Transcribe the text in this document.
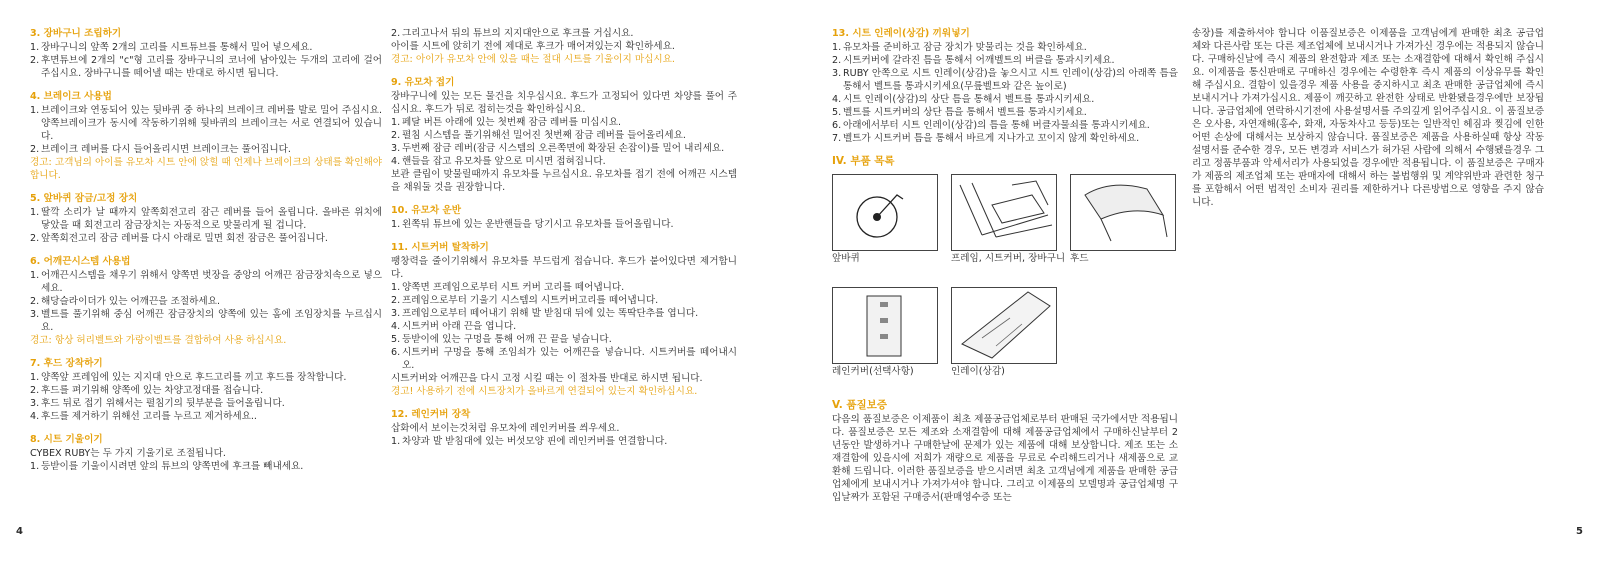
3. 장바구니 조립하기
1. 장바구니의 앞쪽 2개의 고리를 시트튜브를 통해서 밀어 넣으세요.
2. 후면튜브에 2개의 "c"형 고리를 장바구니의 코너에 남아있는 두개의 고리에 걸어주십시요. 장바구니를 떼어낼 때는 반대로 하시면 됩니다.
4. 브레이크 사용법
1. 브레이크와 연동되어 있는 뒷바퀴 중 하나의 브레이크 레버를 발로 밀어 주십시요. 양쪽브레이크가 동시에 작동하기위해 뒷바퀴의 브레이크는 서로 연결되어 있습니다.
2. 브레이크 레버를 다시 들어올리시면 브레이크는 풀어집니다.
경고: 고객님의 아이를 유모차 시트 안에 앉힐 때 언제나 브레이크의 상태를 확인해야 합니다.
5. 앞바퀴 잠금/고정 장치
1. 딸깍 소리가 날 때까지 앞쪽회전고리 잠근 레버를 들어 올립니다. 올바른 위치에 닿았을 때 회전고리 잠금장치는 자동적으로 맞물리게 될 겁니다.
2. 앞쪽회전고리 잠금 레버를 다시 아래로 밀면 회전 잠금은 풀어집니다.
6. 어깨끈시스템 사용법
1. 어깨끈시스템을 채우기 위해서 양쪽면 벗장을 중앙의 어깨끈 잠금장치속으로 넣으세요.
2. 해당슬라이더가 있는 어깨끈을 조절하세요.
3. 벨트를 풀기위해 중심 어깨끈 잠금장치의 양쪽에 있는 홈에 조임장치를 누르십시요.
경고: 항상 허리벨트와 가랑이벨트를 결합하여 사용 하십시요.
7. 후드 장착하기
1. 양쪽앞 프레임에 있는 지지대 안으로 후드고리를 끼고 후드를 장착합니다.
2. 후드를 펴기위해 양쪽에 있는 차양고정대를 접습니다.
3. 후드 뒤로 접기 위해서는 펼침기의 뒷부분을 들어올립니다.
4. 후드를 제거하기 위해선 고리를 누르고 제거하세요..
8. 시트 기울이기
CYBEX RUBY는 두 가지 기울기로 조절됩니다.
1. 등받이를 기울이시려면 앞의 튜브의 양쪽면에 후크를 빼내세요.
2. 그리고나서 뒤의 튜브의 지지대안으로 후크를 거십시요.
아이를 시트에 앉히기 전에 제대로 후크가 매어져있는지 확인하세요.
경고: 아이가 유모차 안에 있을 때는 절대 시트를 기울이지 마십시요.
9. 유모차 접기
장바구니에 있는 모든 물건을 치우십시요. 후드가 고정되어 있다면 차양를 풀어 주십시요. 후드가 뒤로 접히는것을 확인하십시요.
1. 페달 버튼 아래에 있는 첫번째 잠금 레버를 미십시요.
2. 펼침 시스템을 풀기위해선 밀어진 첫번째 잠금 레버를 들어올리세요.
3. 두번째 잠금 레버(잠금 시스템의 오른쪽면에 확장된 손잡이)를 밀어 내리세요.
4. 핸들을 잡고 유모차를 앞으로 미시면 접혀집니다.
보관 클립이 맞물릴때까지 유모차를 누르십시요. 유모차를 접기 전에 어깨끈 시스템을 채워둘 것을 권장합니다.
10. 유모차 운반
1. 왼쪽뒤 튜브에 있는 운반핸들을 당기시고 유모차를 들어올립니다.
11. 시트커버 탈착하기
팽창력을 줄이기위해서 유모차를 부드럽게 접습니다. 후드가 붙어있다면 제거합니다.
1. 양쪽면 프레임으로부터 시트 커버 고리를 떼어냅니다.
2. 프레임으로부터 기울기 시스템의 시트커버고리를 떼어냅니다.
3. 프레임으로부터 떼어내기 위해 발 받침대 뒤에 있는 똑딱단추를 엽니다.
4. 시트커버 아래 끈을 엽니다.
5. 등받이에 있는 구멍을 통해 어깨 끈 끝을 넣습니다.
6. 시트커버 구멍을 통해 조임쇠가 있는 어깨끈을 넣습니다. 시트커버를 떼어내시오.
시트커버와 어깨끈을 다시 고정 시킬 때는 이 절차를 반대로 하시면 됩니다.
경고! 사용하기 전에 시트장치가 올바르게 연결되어 있는지 확인하십시요.
12. 레인커버 장착
삽화에서 보이는것처럼 유모차에 레인커버를 씌우세요.
1. 차양과 발 받침대에 있는 버섯모양 핀에 레인커버를 연결합니다.
13. 시트 인레이(상감) 끼워넣기
1. 유모차를 준비하고 잠금 장치가 맞물리는 것을 확인하세요.
2. 시트커버에 갈라진 틈을 통해서 어깨벨트의 버클을 통과시키세요.
3. RUBY 안쪽으로 시트 인레이(상감)을 놓으시고 시트 인레이(상감)의 아래쪽 틈을 통해서 벨트를 통과시키세요(무릎벨트와 같은 높이로)
4. 시트 인레이(상감)의 상단 틈을 통해서 벨트를 통과시키세요.
5. 벨트를 시트커버의 상단 틈을 통해서 벨트를 통과시키세요.
6. 아래에서부터 시트 인레이(상감)의 틈을 통해 버클자물쇠를 통과시키세요.
7. 벨트가 시트커버 틈을 통해서 바르게 지나가고 꼬이지 않게 확인하세요.
IV. 부품 목록
앞바퀴	프레임, 시트커버, 장바구니 후드
레인커버(선택사항)	인레이(상감)
V. 품질보증
다음의 품질보증은 이제품이 최초 제품공급업체로부터 판매된 국가에서만 적용됩니다. 품질보증은 모든 제조와 소재결함에 대해 제품공급업체에서 구매하신날부터 2년동안 발생하거나 구매한날에 문제가 있는 제품에 대해 보상합니다. 제조 또는 소재결함에 있을시에 저희가 재량으로 제품을 무료로 수리해드리거나 새제품으로 교환해 드립니다. 이러한 품질보증을 받으시려면 최초 고객님에게 제품을 판매한 공급업체에게 보내시거나 가져가셔야 합니다. 그리고 이제품의 모델명과 공급업체명 구입날짜가 포함된 구매증서(판매영수증 또는
송장)를 제출하셔야 합니다 이품질보증은 이제품을 고객님에게 판매한 최초 공급업체와 다른사람 또는 다른 제조업체에 보내시거나 가져가신 경우에는 적용되지 않습니다. 구매하신날에 즉시 제품의 완전함과 제조 또는 소재결함에 대해서 확인해 주십시요. 이제품을 통신판매로 구매하신 경우에는 수령한후 즉시 제품의 이상유무를 확인해 주십시요. 결함이 있을경우 제품 사용을 중지하시고 최초 판매한 공급업체에 즉시 보내시거나 가져가십시요. 제품이 깨끗하고 완전한 상태로 반환됐을경우에만 보장됩니다. 공급업체에 연락하시기전에 사용설명서를 주의깊게 읽어주십시요. 이 품질보증은 오사용, 자연재해(홍수, 화재, 자동차사고 등등)또는 일반적인 헤짐과 찢김에 인한 어떤 손상에 대해서는 보상하지 않습니다. 품질보증은 제품을 사용하실때 항상 작동설명서를 준수한 경우, 모든 변경과 서비스가 허가된 사람에 의해서 수행됐을경우 그리고 정품부품과 악세서리가 사용되었을 경우에만 적용됩니다. 이 품질보증은 구매자가 제품의 제조업체 또는 판매자에 대해서 하는 불법행위 및 계약위반과 관련한 청구를 포함해서 어떤 법적인 소비자 권리를 제한하거나 다른방법으로 영향을 주지 않습니다.
4	5
